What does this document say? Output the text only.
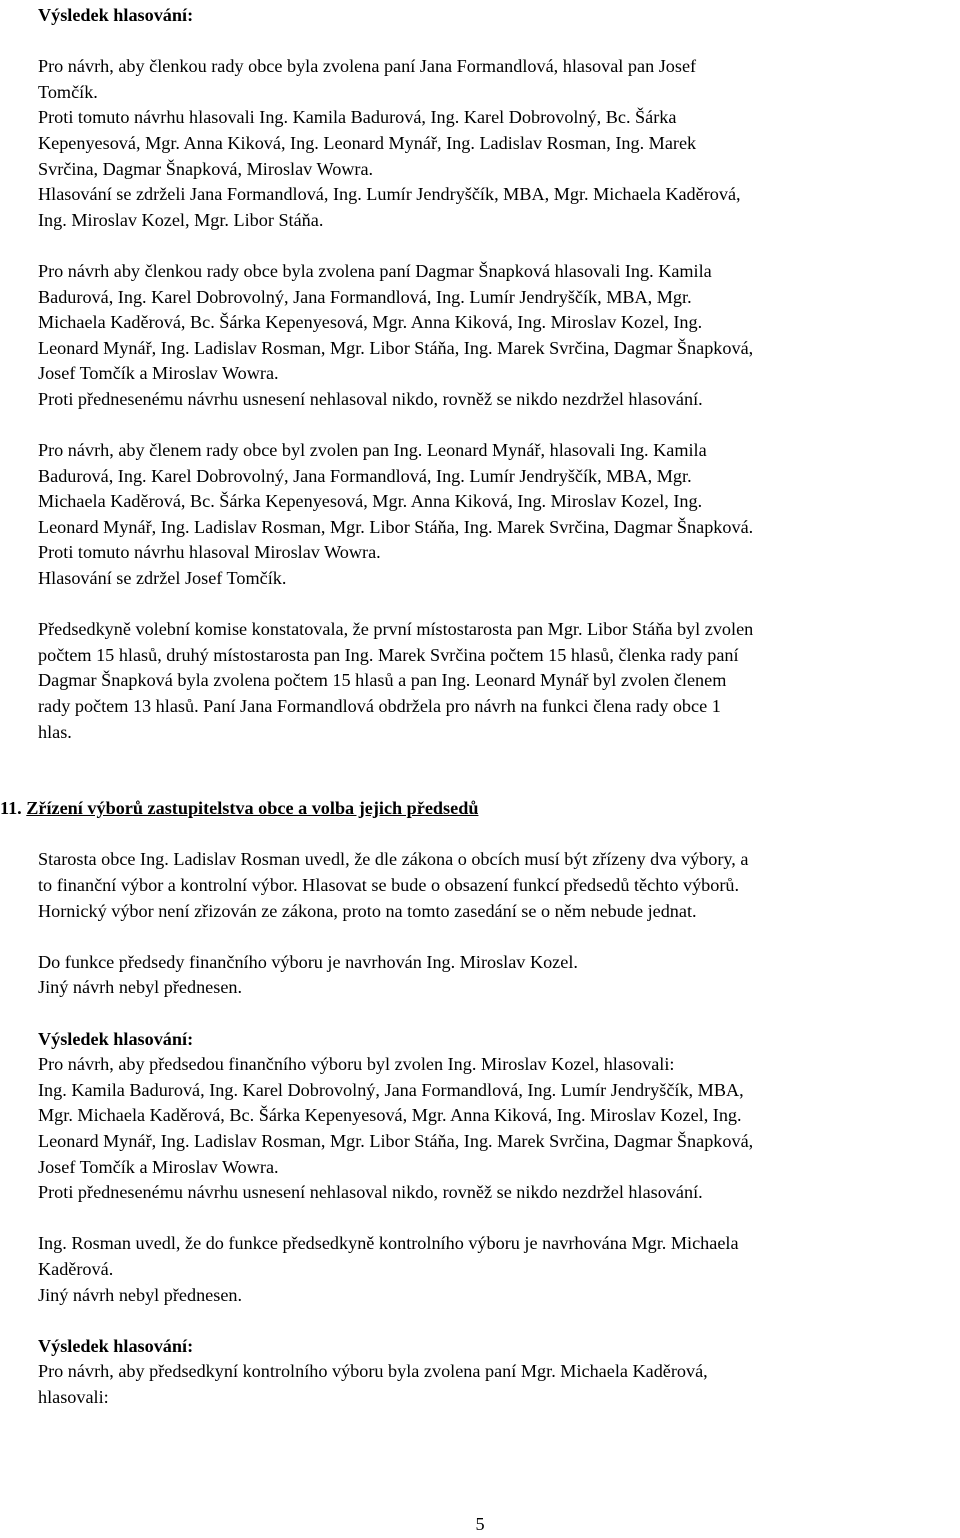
Výsledek hlasování:

Pro návrh, aby členkou rady obce byla zvolena paní Jana Formandlová, hlasoval pan Josef

Tomčík.

Proti tomuto návrhu hlasovali Ing. Kamila Badurová, Ing. Karel Dobrovolný, Bc. Šárka

Kepenyesová, Mgr. Anna Kiková, Ing. Leonard Mynář, Ing. Ladislav Rosman, Ing. Marek

Svrčina, Dagmar Šnapková, Miroslav Wowra.

Hlasování se zdrželi Jana Formandlová, Ing. Lumír Jendryščík, MBA, Mgr. Michaela Kaděrová,

Ing. Miroslav Kozel, Mgr. Libor Stáňa.

Pro návrh aby členkou rady obce byla zvolena paní Dagmar Šnapková hlasovali Ing. Kamila

Badurová, Ing. Karel Dobrovolný, Jana Formandlová, Ing. Lumír Jendryščík, MBA, Mgr.

Michaela Kaděrová, Bc. Šárka Kepenyesová, Mgr. Anna Kiková, Ing. Miroslav Kozel, Ing.

Leonard Mynář, Ing. Ladislav Rosman, Mgr. Libor Stáňa, Ing. Marek Svrčina, Dagmar Šnapková,

Josef Tomčík a Miroslav Wowra.

Proti přednesenému návrhu usnesení nehlasoval nikdo, rovněž se nikdo nezdržel hlasování.

Pro návrh, aby členem rady obce byl zvolen pan Ing. Leonard Mynář, hlasovali Ing. Kamila

Badurová, Ing. Karel Dobrovolný, Jana Formandlová, Ing. Lumír Jendryščík, MBA, Mgr.

Michaela Kaděrová, Bc. Šárka Kepenyesová, Mgr. Anna Kiková, Ing. Miroslav Kozel, Ing.

Leonard Mynář, Ing. Ladislav Rosman, Mgr. Libor Stáňa, Ing. Marek Svrčina, Dagmar Šnapková.

Proti tomuto návrhu hlasoval Miroslav Wowra.

Hlasování se zdržel Josef Tomčík.

Předsedkyně volební komise konstatovala, že první místostarosta pan Mgr. Libor Stáňa byl zvolen

počtem 15 hlasů, druhý místostarosta pan Ing. Marek Svrčina počtem 15 hlasů, členka rady paní

Dagmar Šnapková byla zvolena počtem 15 hlasů a pan Ing. Leonard Mynář byl zvolen členem

rady počtem 13 hlasů. Paní Jana Formandlová obdržela pro návrh na funkci člena rady obce 1

hlas.

11. Zřízení výborů zastupitelstva obce a volba jejich předsedů

Starosta obce Ing. Ladislav Rosman uvedl, že dle zákona o obcích musí být zřízeny dva výbory, a

to finanční výbor a kontrolní výbor. Hlasovat se bude o obsazení funkcí předsedů těchto výborů.

Hornický výbor není zřizován ze zákona, proto na tomto zasedání se o něm nebude jednat.

Do funkce předsedy finančního výboru je navrhován Ing. Miroslav Kozel.

Jiný návrh nebyl přednesen.

Výsledek hlasování:

Pro návrh, aby předsedou finančního výboru byl zvolen Ing. Miroslav Kozel, hlasovali:

Ing. Kamila Badurová, Ing. Karel Dobrovolný, Jana Formandlová, Ing. Lumír Jendryščík, MBA,

Mgr. Michaela Kaděrová, Bc. Šárka Kepenyesová, Mgr. Anna Kiková, Ing. Miroslav Kozel, Ing.

Leonard Mynář, Ing. Ladislav Rosman, Mgr. Libor Stáňa, Ing. Marek Svrčina, Dagmar Šnapková,

Josef Tomčík a Miroslav Wowra.

Proti přednesenému návrhu usnesení nehlasoval nikdo, rovněž se nikdo nezdržel hlasování.

Ing. Rosman uvedl, že do funkce předsedkyně kontrolního výboru je navrhována Mgr. Michaela

Kaděrová.

Jiný návrh nebyl přednesen.

Výsledek hlasování:

Pro návrh, aby předsedkyní kontrolního výboru byla zvolena paní Mgr. Michaela Kaděrová,

hlasovali:

5
